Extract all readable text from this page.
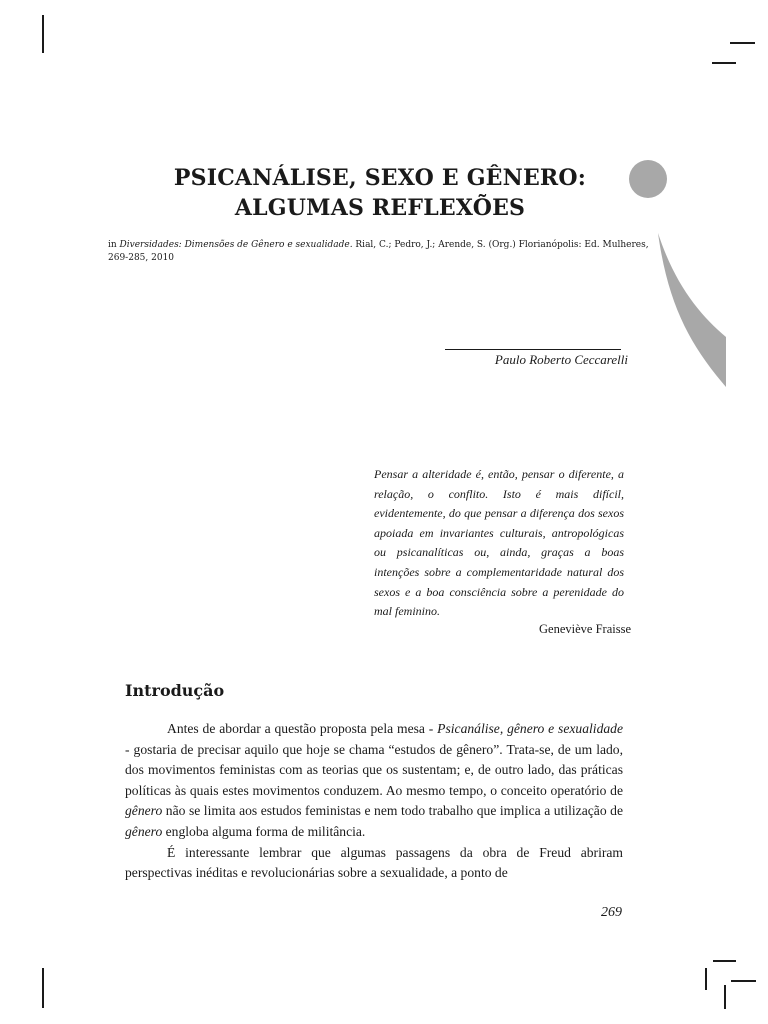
PSICANÁLISE, SEXO E GÊNERO:
ALGUMAS REFLEXÕES
in Diversidades: Dimensões de Gênero e sexualidade. Rial, C.; Pedro, J.; Arende, S. (Org.) Florianópolis: Ed. Mulheres, 269-285, 2010
Paulo Roberto Ceccarelli
Pensar a alteridade é, então, pensar o diferente, a relação, o conflito. Isto é mais difícil, evidentemente, do que pensar a diferença dos sexos apoiada em invariantes culturais, antropológicas ou psicanalíticas ou, ainda, graças a boas intenções sobre a complementaridade natural dos sexos e a boa consciência sobre a perenidade do mal feminino.
Geneviève Fraisse
Introdução

Antes de abordar a questão proposta pela mesa - Psicanálise, gênero e sexualidade - gostaria de precisar aquilo que hoje se chama “estudos de gênero”. Trata-se, de um lado, dos movimentos feministas com as teorias que os sustentam; e, de outro lado, das práticas políticas às quais estes movimentos conduzem. Ao mesmo tempo, o conceito operatório de gênero não se limita aos estudos feministas e nem todo trabalho que implica a utilização de gênero engloba alguma forma de militância.

É interessante lembrar que algumas passagens da obra de Freud abriram perspectivas inéditas e revolucionárias sobre a sexualidade, a ponto de

269
